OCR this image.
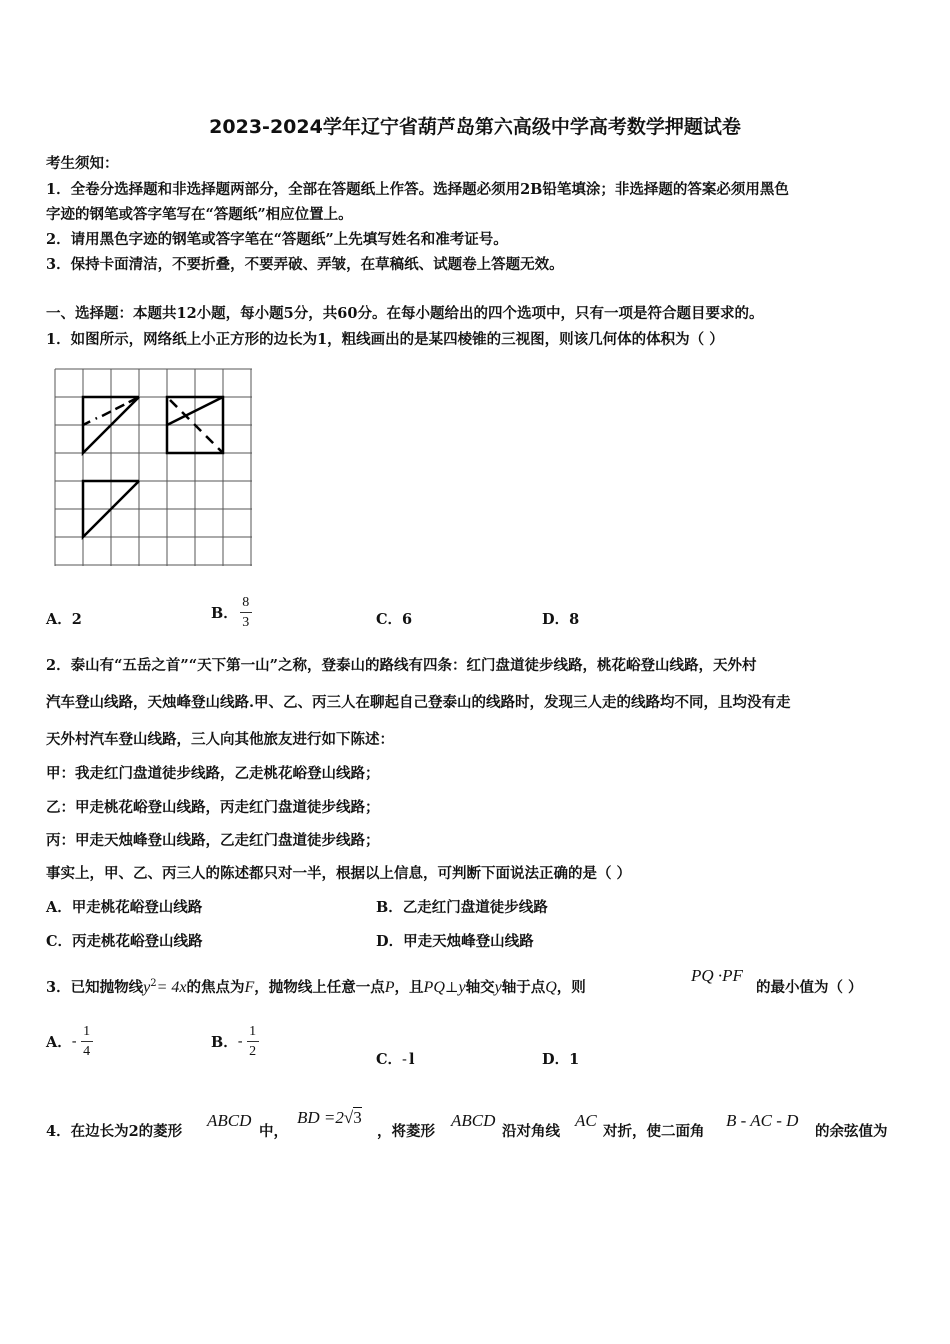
2023-2024学年辽宁省葫芦岛第六高级中学高考数学押题试卷
考生须知：
1．全卷分选择题和非选择题两部分，全部在答题纸上作答。选择题必须用2B铅笔填涂；非选择题的答案必须用黑色
字迹的钢笔或答字笔写在“答题纸”相应位置上。
2．请用黑色字迹的钢笔或答字笔在“答题纸”上先填写姓名和准考证号。
3．保持卡面清洁，不要折叠，不要弄破、弄皱，在草稿纸、试题卷上答题无效。
一、选择题：本题共12小题，每小题5分，共60分。在每小题给出的四个选项中，只有一项是符合题目要求的。
1．如图所示，网络纸上小正方形的边长为1，粗线画出的是某四棱锥的三视图，则该几何体的体积为（ ）
A．2	B． $\frac{8}{3}$	C．6	D．8
2．泰山有“五岳之首”“天下第一山”之称，登泰山的路线有四条：红门盘道徒步线路，桃花峪登山线路，天外村
汽车登山线路，天烛峰登山线路.甲、乙、丙三人在聊起自己登泰山的线路时，发现三人走的线路均不同，且均没有走
天外村汽车登山线路，三人向其他旅友进行如下陈述：
甲：我走红门盘道徒步线路，乙走桃花峪登山线路；
乙：甲走桃花峪登山线路，丙走红门盘道徒步线路；
丙：甲走天烛峰登山线路，乙走红门盘道徒步线路；
事实上，甲、乙、丙三人的陈述都只对一半，根据以上信息，可判断下面说法正确的是（ ）
A．甲走桃花峪登山线路	B．乙走红门盘道徒步线路
C．丙走桃花峪登山线路	D．甲走天烛峰登山线路
3．已知抛物线$y^2= 4x$的焦点为F，抛物线上任意一点P，且PQ⊥y轴交y轴于点Q，则
PQ ·PF
的最小值为（ ）
A．- $\frac{1}{4}$	B．- $\frac{1}{2}$
C．- l	D．1
4．在边长为2的菱形
ABCD
中，
BD =2√3
，将菱形
ABCD
沿对角线
AC
对折，使二面角
B - AC - D
的余弦值为
